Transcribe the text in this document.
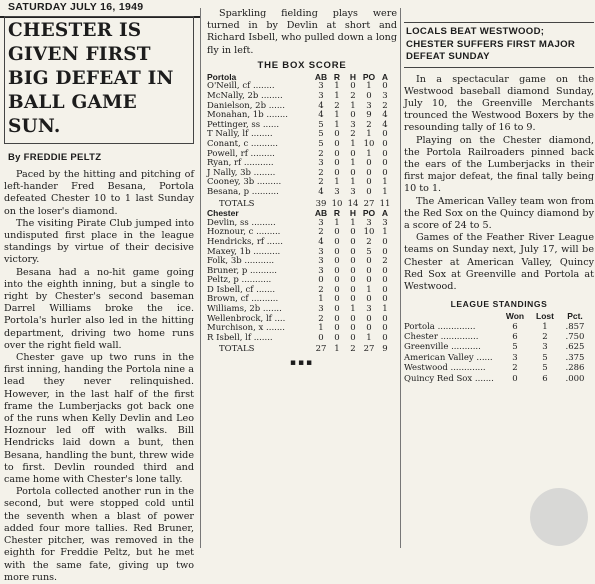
SATURDAY JULY 16, 1949
CHESTER IS GIVEN FIRST BIG DEFEAT IN BALL GAME SUN.
By FREDDIE PELTZ

Paced by the hitting and pitching of left-hander Fred Besana, Portola defeated Chester 10 to 1 last Sunday on the loser's diamond.

The visiting Pirate Club jumped into undisputed first place in the league standings by virtue of their decisive victory.

Besana had a no-hit game going into the eighth inning, but a single to right by Chester's second baseman Darrel Williams broke the ice. Portola's hurler also led in the hitting department, driving two home runs over the right field wall.

Chester gave up two runs in the first inning, handing the Portola nine a lead they never relinquished. However, in the last half of the first frame the Lumberjacks got back one of the runs when Kelly Devlin and Leo Hoznour led off with walks. Bill Hendricks laid down a bunt, then Besana, handling the bunt, threw wide to first. Devlin rounded third and came home with Chester's lone tally.

Portola collected another run in the second, but were stopped cold until the seventh when a blast of power added four more tallies. Red Bruner, Chester pitcher, was removed in the eighth for Freddie Peltz, but he met with the same fate, giving up two more runs.

Sparkling fielding plays were turned in by Devlin at short and Richard Isbell, who pulled down a long fly in left.

THE BOX SCORE
Portola	AB	R	H	PO	A
O'Neill, cf ........	3	1	0	1	0
McNally, 2b ........	3	1	2	0	3
Danielson, 2b ......	4	2	1	3	2
Monahan, 1b ........	4	1	0	9	4
Pettinger, ss ......	5	1	3	2	4
T Nally, lf ........	5	0	2	1	0
Conant, c ..........	5	0	1	10	0
Powell, rf .........	2	0	0	1	0
Ryan, rf ...........	3	0	1	0	0
J Nally, 3b ........	2	0	0	0	0
Cooney, 3b .........	2	1	1	0	1
Besana, p ..........	4	3	3	0	1
TOTALS	39	10	14	27	11
Chester	AB	R	H	PO	A
Devlin, ss .........	3	1	1	3	3
Hoznour, c .........	2	0	0	10	1
Hendricks, rf ......	4	0	0	2	0
Maxey, 1b ..........	3	0	0	5	0
Folk, 3b ...........	3	0	0	0	2
Bruner, p ..........	3	0	0	0	0
Peltz, p ...........	0	0	0	0	0
D Isbell, cf .......	2	0	0	1	0
Brown, cf ..........	1	0	0	0	0
Williams, 2b .......	3	0	1	3	1
Wellenbrock, lf ....	2	0	0	0	0
Murchison, x .......	1	0	0	0	0
R Isbell, lf .......	0	0	0	1	0
TOTALS	27	1	2	27	9
▪▪▪
LOCALS BEAT WESTWOOD; CHESTER SUFFERS FIRST MAJOR DEFEAT SUNDAY

In a spectacular game on the Westwood baseball diamond Sunday, July 10, the Greenville Merchants trounced the Westwood Boxers by the resounding tally of 16 to 9.

Playing on the Chester diamond, the Portola Railroaders pinned back the ears of the Lumberjacks in their first major defeat, the final tally being 10 to 1.

The American Valley team won from the Red Sox on the Quincy diamond by a score of 24 to 5.

Games of the Feather River League teams on Sunday next, July 17, will be Chester at American Valley, Quincy Red Sox at Greenville and Portola at Westwood.

LEAGUE STANDINGS
	Won	Lost	Pct.
Portola ..............	6	1	.857
Chester ..............	6	2	.750
Greenville ...........	5	3	.625
American Valley ......	3	5	.375
Westwood .............	2	5	.286
Quincy Red Sox .......	0	6	.000
